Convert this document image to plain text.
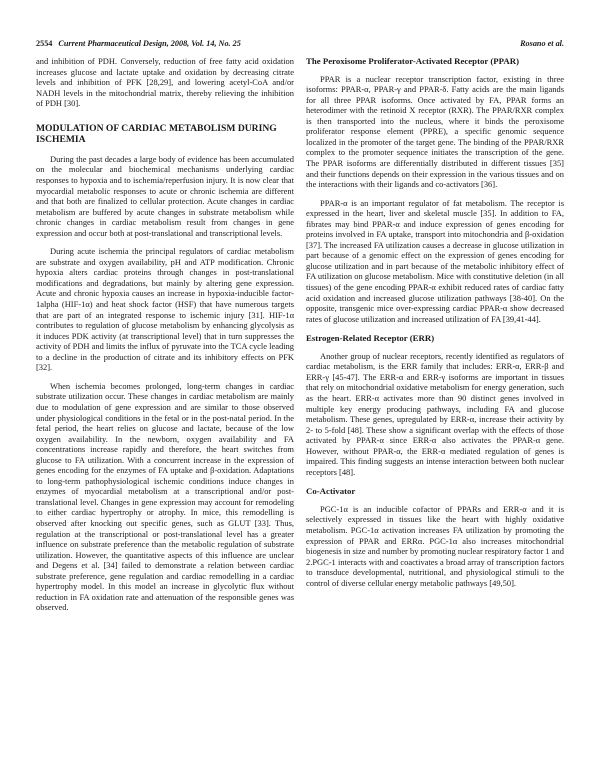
2554 Current Pharmaceutical Design, 2008, Vol. 14, No. 25	Rosano et al.

and inhibition of PDH. Conversely, reduction of free fatty acid oxidation increases glucose and lactate uptake and oxidation by decreasing citrate levels and inhibition of PFK [28,29], and lowering acetyl-CoA and/or NADH levels in the mitochondrial matrix, thereby relieving the inhibition of PDH [30].

MODULATION OF CARDIAC METABOLISM DURING ISCHEMIA

During the past decades a large body of evidence has been accumulated on the molecular and biochemical mechanisms underlying cardiac responses to hypoxia and to ischemia/reperfusion injury. It is now clear that myocardial metabolic responses to acute or chronic ischemia are different and that both are finalized to cellular protection. Acute changes in cardiac metabolism are buffered by acute changes in substrate metabolism while chronic changes in cardiac metabolism result from changes in gene expression and occur both at post-translational and transcriptional levels.

During acute ischemia the principal regulators of cardiac metabolism are substrate and oxygen availability, pH and ATP modification. Chronic hypoxia alters cardiac proteins through changes in post-translational modifications and degradations, but mainly by altering gene expression. Acute and chronic hypoxia causes an increase in hypoxia-inducible factor-1alpha (HIF-1α) and heat shock factor (HSF) that have numerous targets that are part of an integrated response to ischemic injury [31]. HIF-1α contributes to regulation of glucose metabolism by enhancing glycolysis as it induces PDK activity (at transcriptional level) that in turn suppresses the activity of PDH and limits the influx of pyruvate into the TCA cycle leading to a decline in the production of citrate and its inhibitory effects on PFK [32].

When ischemia becomes prolonged, long-term changes in cardiac substrate utilization occur. These changes in cardiac metabolism are mainly due to modulation of gene expression and are similar to those observed under physiological conditions in the fetal or in the post-natal period. In the fetal period, the heart relies on glucose and lactate, because of the low oxygen availability. In the newborn, oxygen availability and FA concentrations increase rapidly and therefore, the heart switches from glucose to FA utilization. With a concurrent increase in the expression of genes encoding for the enzymes of FA uptake and β-oxidation. Adaptations to long-term pathophysiological ischemic conditions induce changes in enzymes of myocardial metabolism at a transcriptional and/or post-translational level. Changes in gene expression may account for remodeling to either cardiac hypertrophy or atrophy. In mice, this remodelling is observed after knocking out specific genes, such as GLUT [33]. Thus, regulation at the transcriptional or post-translational level has a greater influence on substrate preference than the metabolic regulation of substrate utilization. However, the quantitative aspects of this influence are unclear and Degens et al. [34] failed to demonstrate a relation between cardiac substrate preference, gene regulation and cardiac remodelling in a cardiac hypertrophy model. In this model an increase in glycolytic flux without reduction in FA oxidation rate and attenuation of the responsible genes was observed.

The Peroxisome Proliferator-Activated Receptor (PPAR)

PPAR is a nuclear receptor transcription factor, existing in three isoforms: PPAR-α, PPAR-γ and PPAR-δ. Fatty acids are the main ligands for all three PPAR isoforms. Once activated by FA, PPAR forms an heterodimer with the retinoid X receptor (RXR). The PPAR/RXR complex is then transported into the nucleus, where it binds the peroxisome proliferator response element (PPRE), a specific genomic sequence localized in the promoter of the target gene. The binding of the PPAR/RXR complex to the promoter sequence initiates the transcription of the gene. The PPAR isoforms are differentially distributed in different tissues [35] and their functions depends on their expression in the various tissues and on the interactions with their ligands and co-activators [36].

PPAR-α is an important regulator of fat metabolism. The receptor is expressed in the heart, liver and skeletal muscle [35]. In addition to FA, fibrates may bind PPAR-α and induce expression of genes encoding for proteins involved in FA uptake, transport into mitochondria and β-oxidation [37]. The increased FA utilization causes a decrease in glucose utilization in part because of a genomic effect on the expression of genes encoding for glucose utilization and in part because of the metabolic inhibitory effect of FA utilization on glucose metabolism. Mice with constitutive deletion (in all tissues) of the gene encoding PPAR-α exhibit reduced rates of cardiac fatty acid oxidation and increased glucose utilization pathways [38-40]. On the opposite, transgenic mice over-expressing cardiac PPAR-α show decreased rates of glucose utilization and increased utilization of FA [39,41-44].

Estrogen-Related Receptor (ERR)

Another group of nuclear receptors, recently identified as regulators of cardiac metabolism, is the ERR family that includes: ERR-α, ERR-β and ERR-γ [45-47]. The ERR-α and ERR-γ isoforms are important in tissues that rely on mitochondrial oxidative metabolism for energy generation, such as the heart. ERR-α activates more than 90 distinct genes involved in multiple key energy producing pathways, including FA and glucose metabolism. These genes, upregulated by ERR-α, increase their activity by 2- to 5-fold [48]. These show a significant overlap with the effects of those activated by PPAR-α since ERR-α also activates the PPAR-α gene. However, without PPAR-α, the ERR-α mediated regulation of genes is impaired. This finding suggests an intense interaction between both nuclear receptors [48].

Co-Activator

PGC-1α is an inducible cofactor of PPARs and ERR-α and it is selectively expressed in tissues like the heart with highly oxidative metabolism. PGC-1α activation increases FA utilization by promoting the expression of PPAR and ERRα. PGC-1α also increases mitochondrial biogenesis in size and number by promoting nuclear respiratory factor 1 and 2.PGC-1 interacts with and coactivates a broad array of transcription factors to transduce developmental, nutritional, and physiological stimuli to the control of diverse cellular energy metabolic pathways [49,50].
